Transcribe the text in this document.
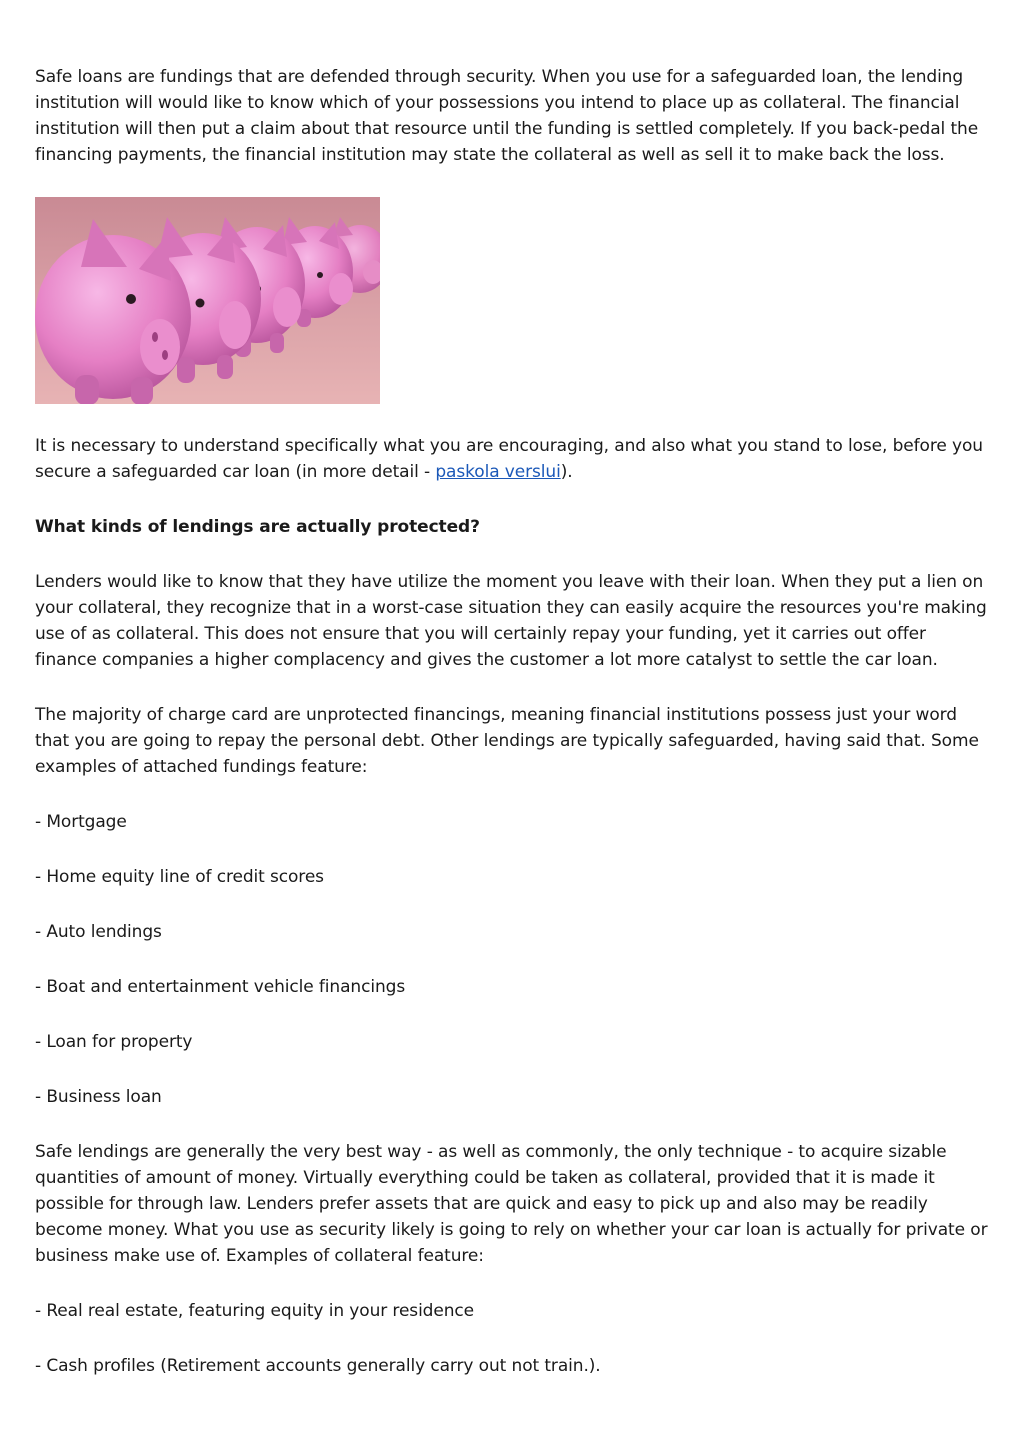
Safe loans are fundings that are defended through security. When you use for a safeguarded loan, the lending institution will would like to know which of your possessions you intend to place up as collateral. The financial institution will then put a claim about that resource until the funding is settled completely. If you back-pedal the financing payments, the financial institution may state the collateral as well as sell it to make back the loss.

It is necessary to understand specifically what you are encouraging, and also what you stand to lose, before you secure a safeguarded car loan (in more detail - paskola verslui).

What kinds of lendings are actually protected?

Lenders would like to know that they have utilize the moment you leave with their loan. When they put a lien on your collateral, they recognize that in a worst-case situation they can easily acquire the resources you're making use of as collateral. This does not ensure that you will certainly repay your funding, yet it carries out offer finance companies a higher complacency and gives the customer a lot more catalyst to settle the car loan.

The majority of charge card are unprotected financings, meaning financial institutions possess just your word that you are going to repay the personal debt. Other lendings are typically safeguarded, having said that. Some examples of attached fundings feature:

- Mortgage

- Home equity line of credit scores

- Auto lendings

- Boat and entertainment vehicle financings

- Loan for property

- Business loan

Safe lendings are generally the very best way - as well as commonly, the only technique - to acquire sizable quantities of amount of money. Virtually everything could be taken as collateral, provided that it is made it possible for through law. Lenders prefer assets that are quick and easy to pick up and also may be readily become money. What you use as security likely is going to rely on whether your car loan is actually for private or business make use of. Examples of collateral feature:

- Real real estate, featuring equity in your residence

- Cash profiles (Retirement accounts generally carry out not train.).
